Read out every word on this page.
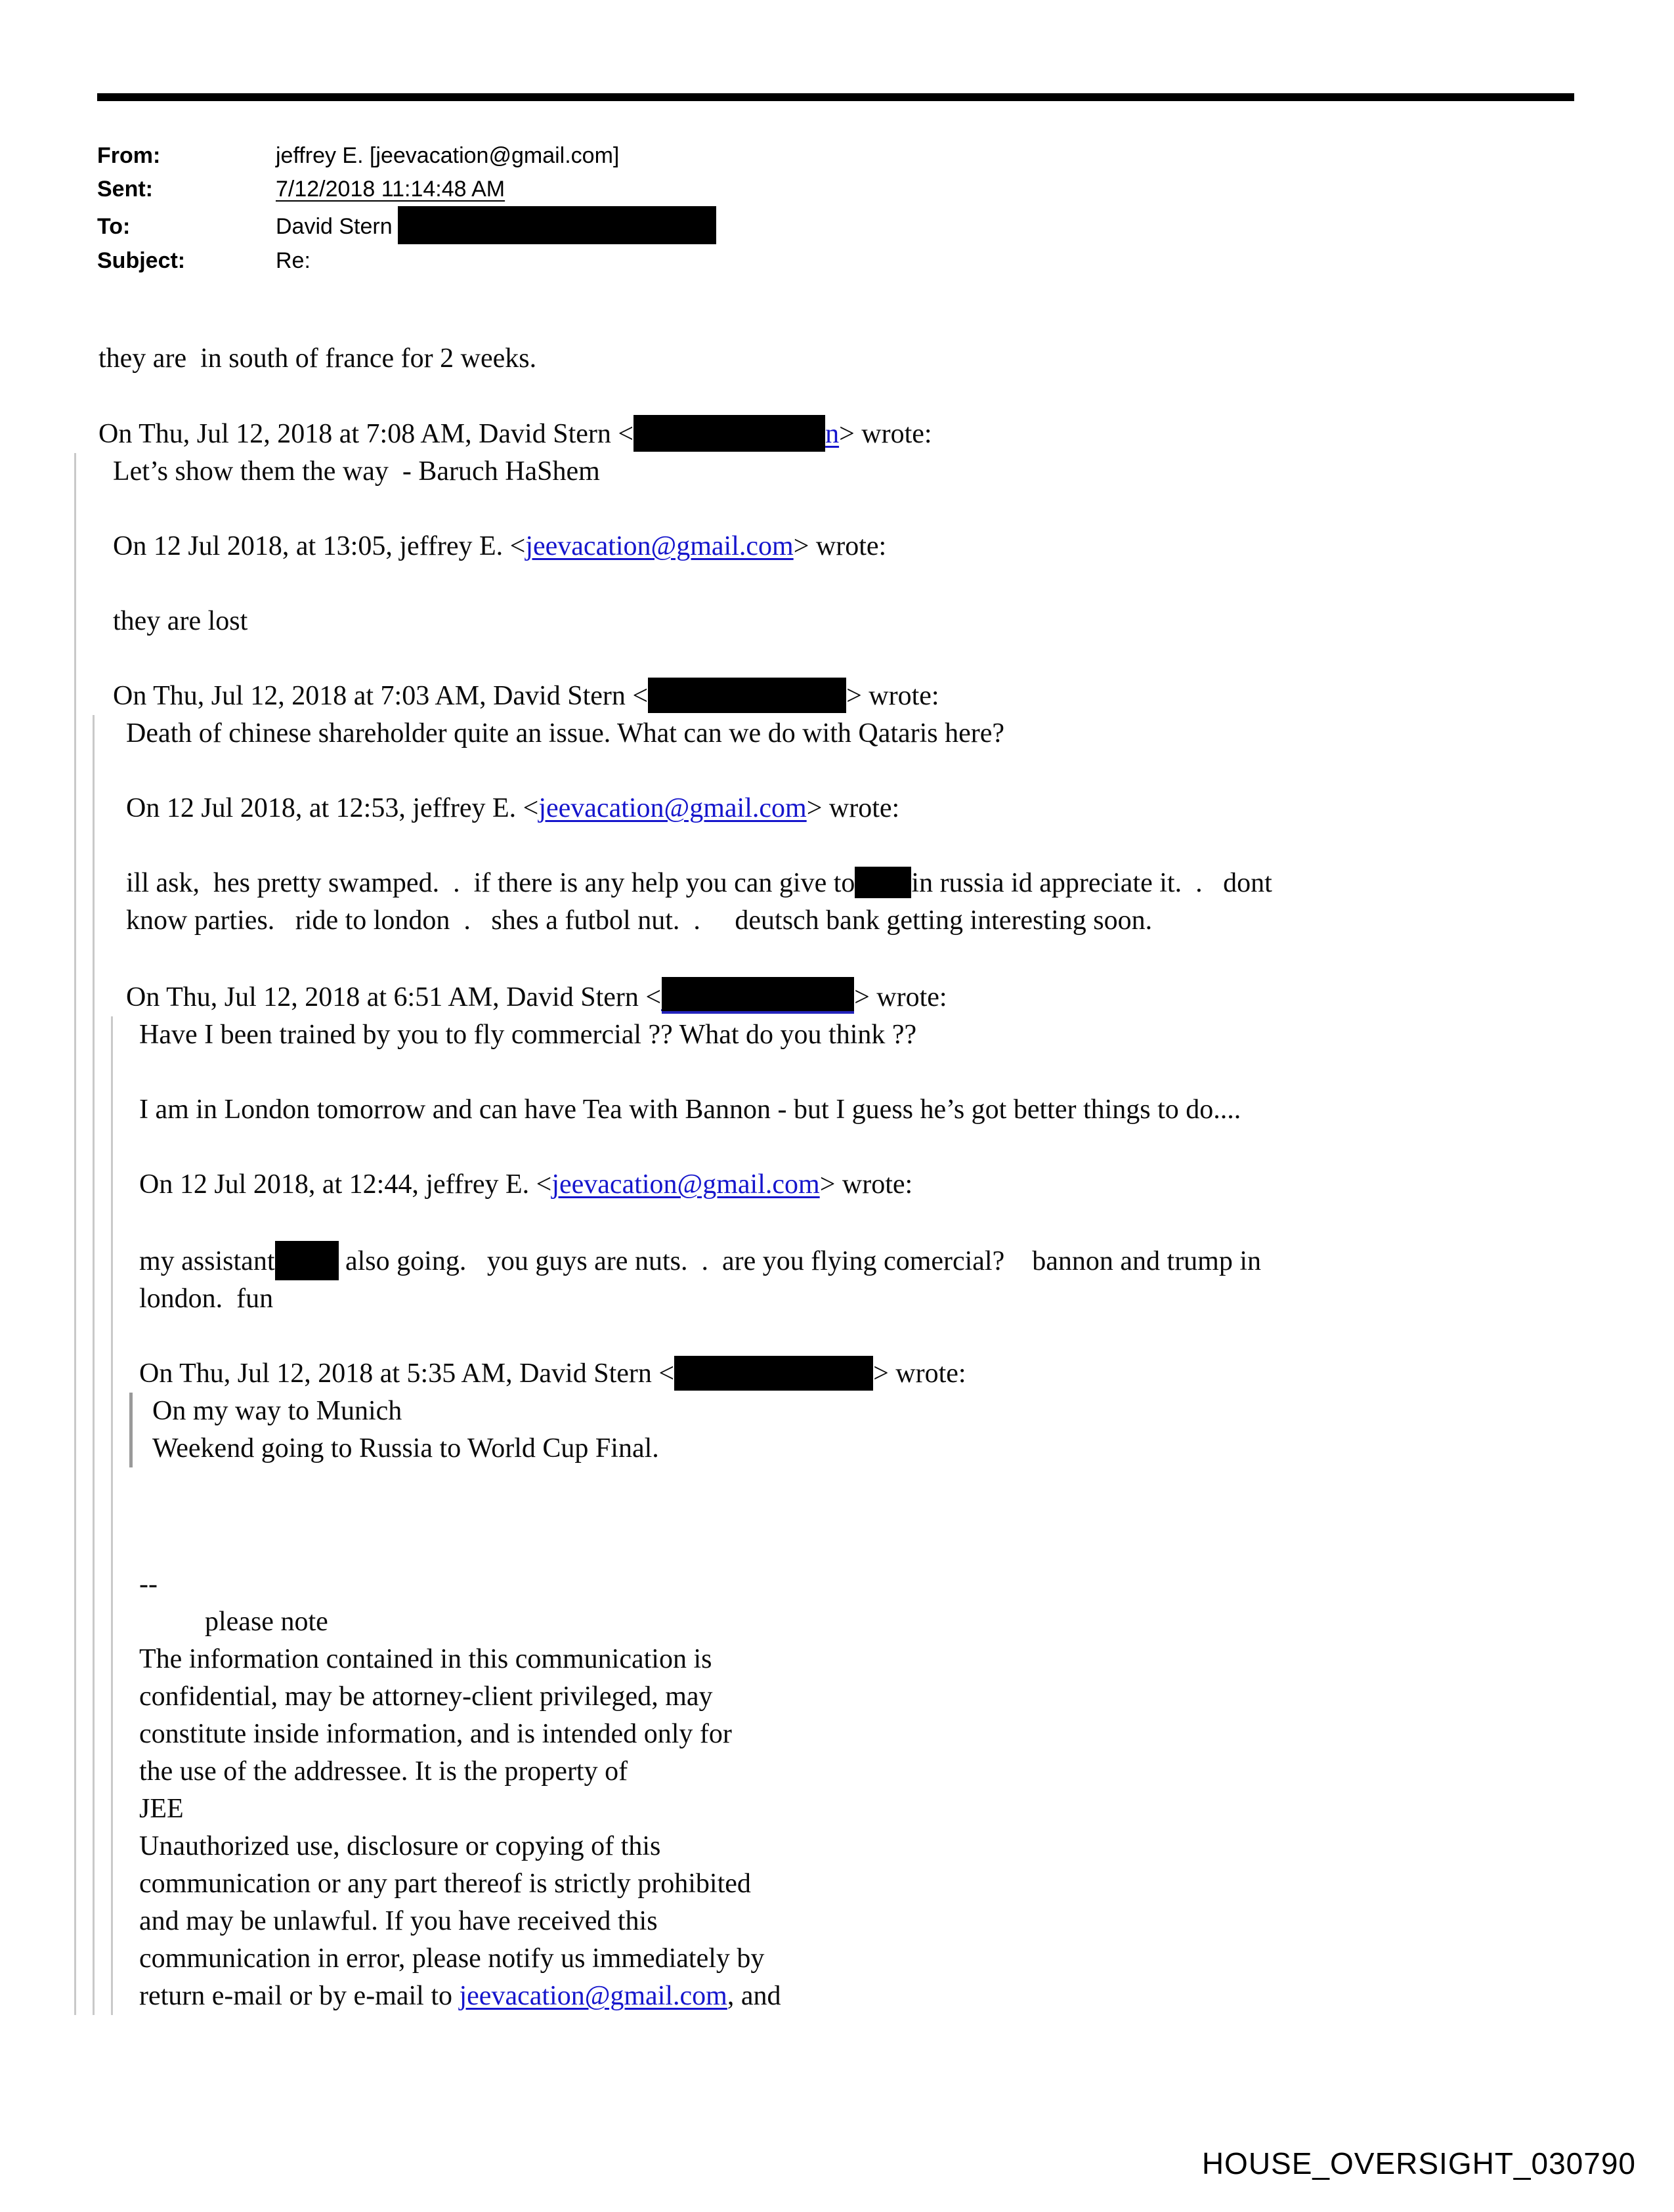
From:	jeffrey E. [jeevacation@gmail.com]
Sent:	7/12/2018 11:14:48 AM
To:	David Stern
Subject:	Re:
they are  in south of france for 2 weeks.
On Thu, Jul 12, 2018 at 7:08 AM, David Stern <	n> wrote:
Let’s show them the way  - Baruch HaShem
On 12 Jul 2018, at 13:05, jeffrey E. <jeevacation@gmail.com> wrote:
they are lost
On Thu, Jul 12, 2018 at 7:03 AM, David Stern <	> wrote:
Death of chinese shareholder quite an issue. What can we do with Qataris here?
On 12 Jul 2018, at 12:53, jeffrey E. <jeevacation@gmail.com> wrote:
ill ask,  hes pretty swamped.  .  if there is any help you can give to in russia id appreciate it.  .   dont
know parties.   ride to london  .   shes a futbol nut.  .     deutsch bank getting interesting soon.
On Thu, Jul 12, 2018 at 6:51 AM, David Stern <	> wrote:
Have I been trained by you to fly commercial ?? What do you think ??
I am in London tomorrow and can have Tea with Bannon - but I guess he’s got better things to do....
On 12 Jul 2018, at 12:44, jeffrey E. <jeevacation@gmail.com> wrote:
my assistant also going.   you guys are nuts.  .  are you flying comercial?    bannon and trump in
london.  fun
On Thu, Jul 12, 2018 at 5:35 AM, David Stern <	> wrote:
On my way to Munich
Weekend going to Russia to World Cup Final.
--
please note
The information contained in this communication is
confidential, may be attorney-client privileged, may
constitute inside information, and is intended only for
the use of the addressee. It is the property of
JEE
Unauthorized use, disclosure or copying of this
communication or any part thereof is strictly prohibited
and may be unlawful. If you have received this
communication in error, please notify us immediately by
return e-mail or by e-mail to jeevacation@gmail.com, and
HOUSE_OVERSIGHT_030790
